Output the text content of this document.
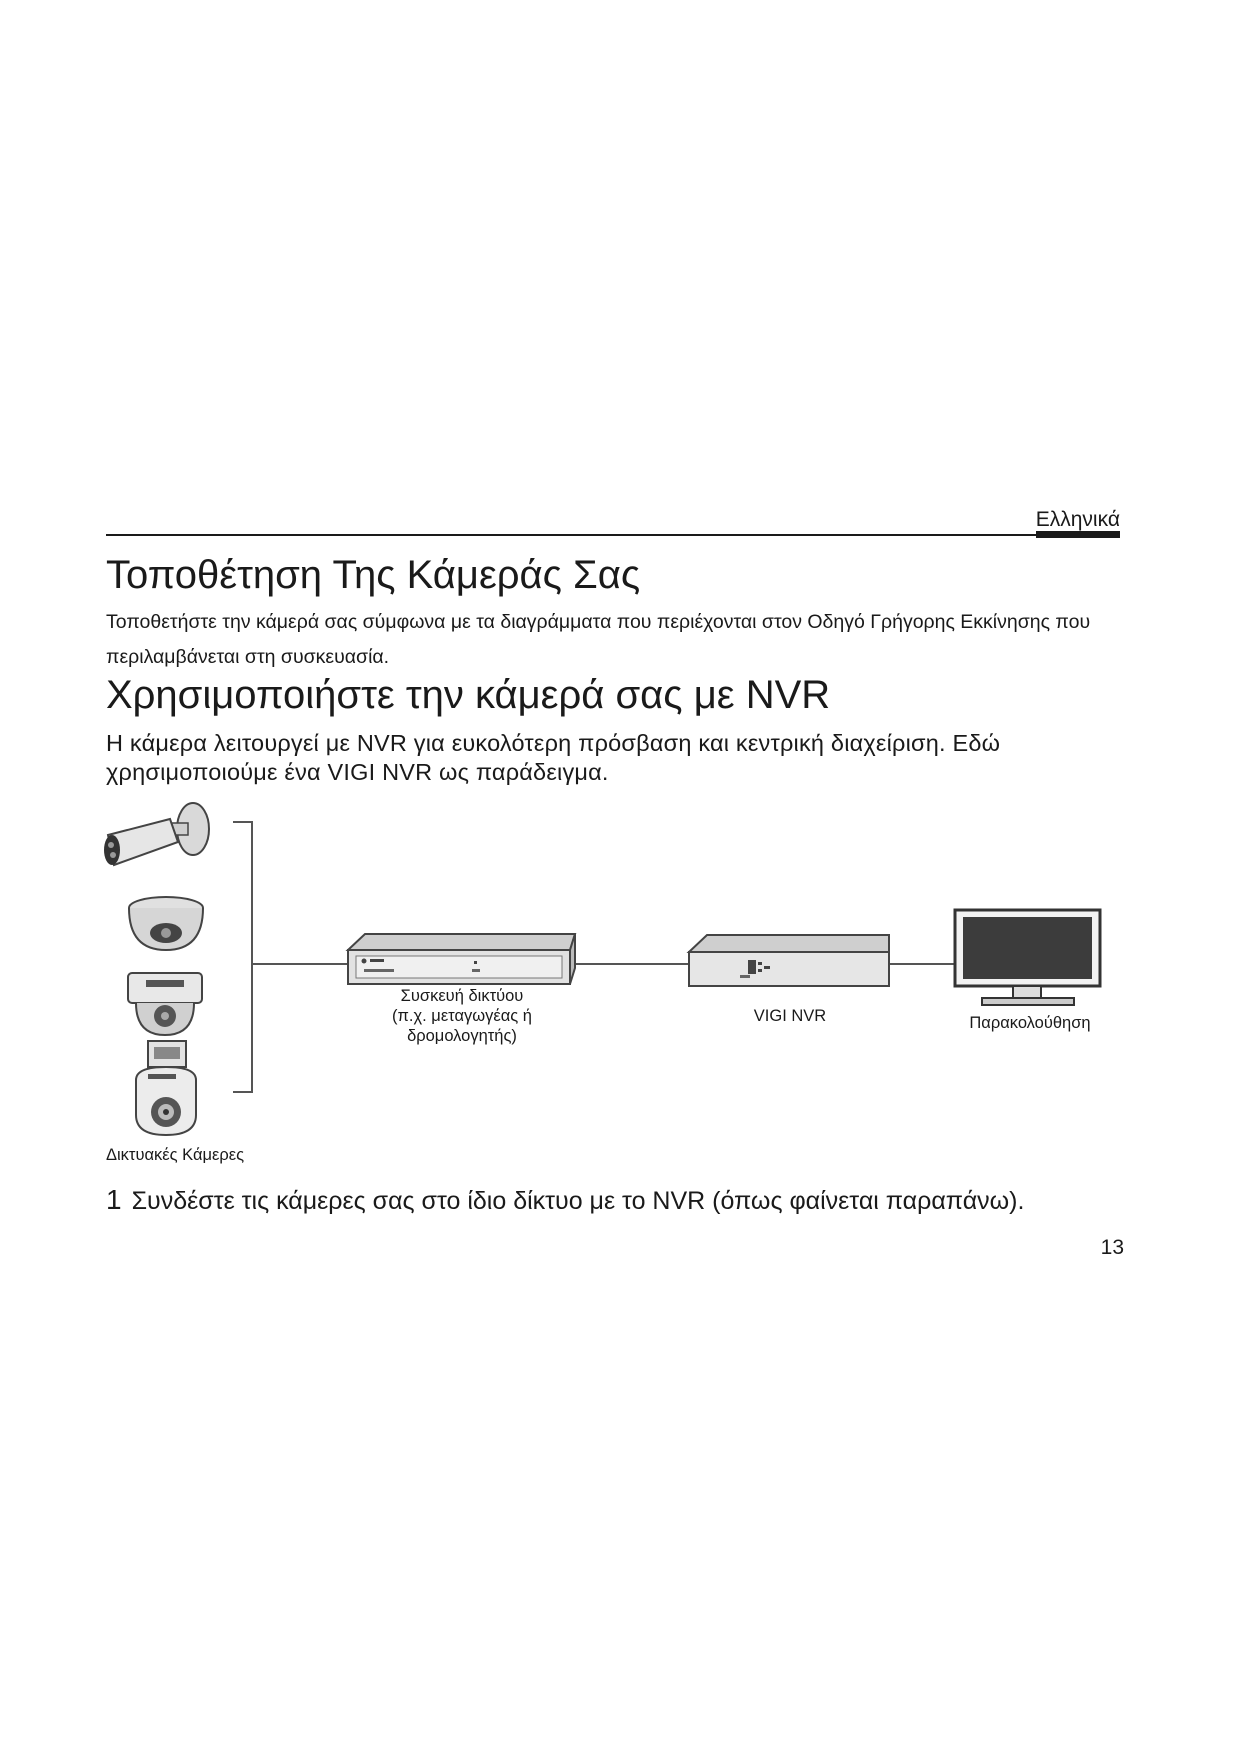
Ελληνικά
Τοποθέτηση Της Κάμεράς Σας

Τοποθετήστε την κάμερά σας σύμφωνα με τα διαγράμματα που περιέχονται στον Οδηγό Γρήγορης Εκκίνησης που περιλαμβάνεται στη συσκευασία.

Χρησιμοποιήστε την κάμερά σας με NVR

Η κάμερα λειτουργεί με NVR για ευκολότερη πρόσβαση και κεντρική διαχείριση. Εδώ χρησιμοποιούμε ένα VIGI NVR ως παράδειγμα.

Συσκευή δικτύου
(π.χ. μεταγωγέας ή
δρομολογητής)
VIGI NVR	Παρακολούθηση
Δικτυακές Κάμερες
1 Συνδέστε τις κάμερες σας στο ίδιο δίκτυο με το NVR (όπως φαίνεται παραπάνω).
13
